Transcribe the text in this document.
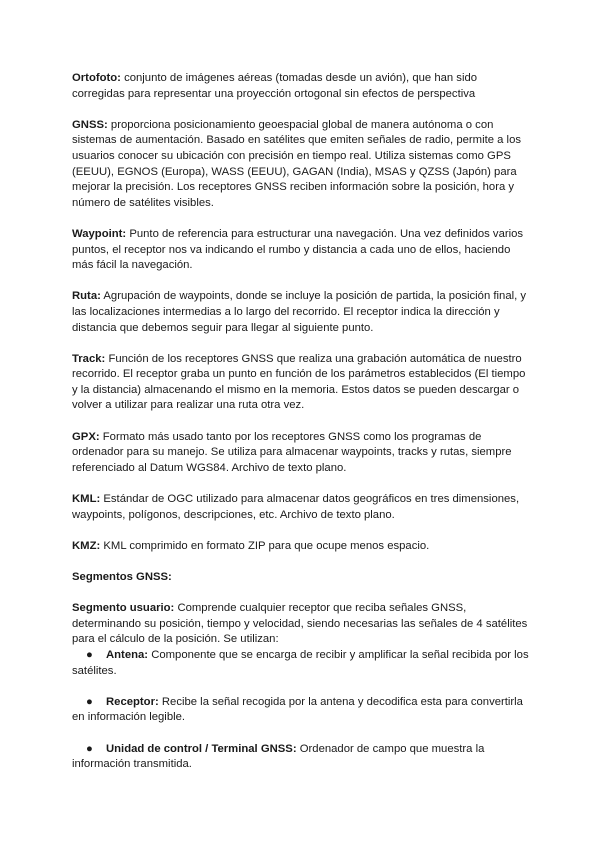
Ortofoto: conjunto de imágenes aéreas (tomadas desde un avión), que han sido corregidas para representar una proyección ortogonal sin efectos de perspectiva

GNSS: proporciona posicionamiento geoespacial global de manera autónoma o con sistemas de aumentación. Basado en satélites que emiten señales de radio, permite a los usuarios conocer su ubicación con precisión en tiempo real. Utiliza sistemas como GPS (EEUU), EGNOS (Europa), WASS (EEUU), GAGAN (India), MSAS y QZSS (Japón) para mejorar la precisión. Los receptores GNSS reciben información sobre la posición, hora y número de satélites visibles.

Waypoint: Punto de referencia para estructurar una navegación. Una vez definidos varios puntos, el receptor nos va indicando el rumbo y distancia a cada uno de ellos, haciendo más fácil la navegación.

Ruta: Agrupación de waypoints, donde se incluye la posición de partida, la posición final, y las localizaciones intermedias a lo largo del recorrido. El receptor indica la dirección y distancia que debemos seguir para llegar al siguiente punto.

Track: Función de los receptores GNSS que realiza una grabación automática de nuestro recorrido. El receptor graba un punto en función de los parámetros establecidos (El tiempo y la distancia) almacenando el mismo en la memoria. Estos datos se pueden descargar o volver a utilizar para realizar una ruta otra vez.

GPX: Formato más usado tanto por los receptores GNSS como los programas de ordenador para su manejo. Se utiliza para almacenar waypoints, tracks y rutas, siempre referenciado al Datum WGS84. Archivo de texto plano.

KML: Estándar de OGC utilizado para almacenar datos geográficos en tres dimensiones, waypoints, polígonos, descripciones, etc. Archivo de texto plano.

KMZ: KML comprimido en formato ZIP para que ocupe menos espacio.

Segmentos GNSS:

Segmento usuario: Comprende cualquier receptor que reciba señales GNSS, determinando su posición, tiempo y velocidad, siendo necesarias las señales de 4 satélites para el cálculo de la posición. Se utilizan:

● Antena: Componente que se encarga de recibir y amplificar la señal recibida por los satélites.
● Receptor: Recibe la señal recogida por la antena y decodifica esta para convertirla en información legible.
● Unidad de control / Terminal GNSS: Ordenador de campo que muestra la información transmitida.
